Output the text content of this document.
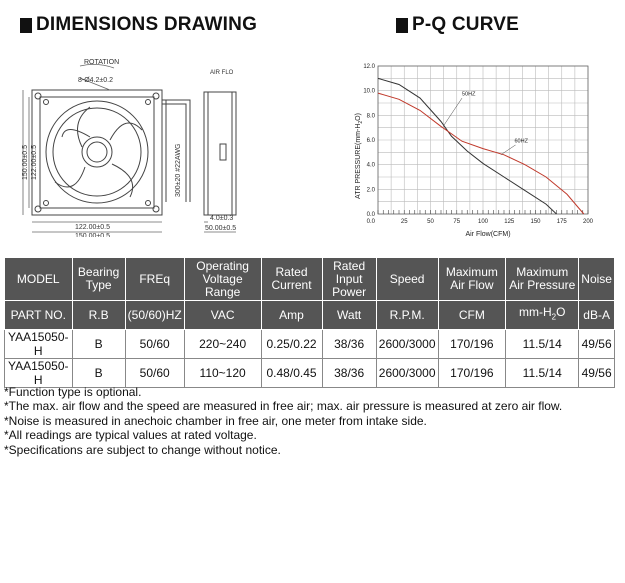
DIMENSIONS DRAWING	P-Q CURVE
ROTATION
8-Ø4.2±0.2
AIR FLO
122.00±0.5
150.00±0.5
150.00±0.5 122.00±0.5	300±20 #22AWG
4.0±0.3
50.00±0.5
0.0
2.0
4.0
6.0
8.0
10.0
12.0
25	50	75	100	125	150	175	200
0.0
ATR $PRESSURE(mm-H_2O)$
Air Flow(CFM)
50HZ
60HZ
MODEL	Bearing Type	FREq	Operating Voltage Range	Rated Current	Rated Input Power	Speed	Maximum Air Flow	Maximum Air Pressure	Noise
PART NO.	R.B	(50/60)HZ	VAC	Amp	Watt	R.P.M.	CFM	$mm-H_2O$	dB-A
YAA15050-H	B	50/60	220~240	0.25/0.22	38/36	2600/3000	170/196	11.5/14	49/56
YAA15050-H	B	50/60	110~120	0.48/0.45	38/36	2600/3000	170/196	11.5/14	49/56
*Function type is optional.
*The max. air flow and the speed are measured in free air; max. air pressure is measured at zero air flow.
*Noise is measured in anechoic chamber in free air, one meter from intake side.
*All readings are typical values at rated voltage.
*Specifications are subject to change without notice.
